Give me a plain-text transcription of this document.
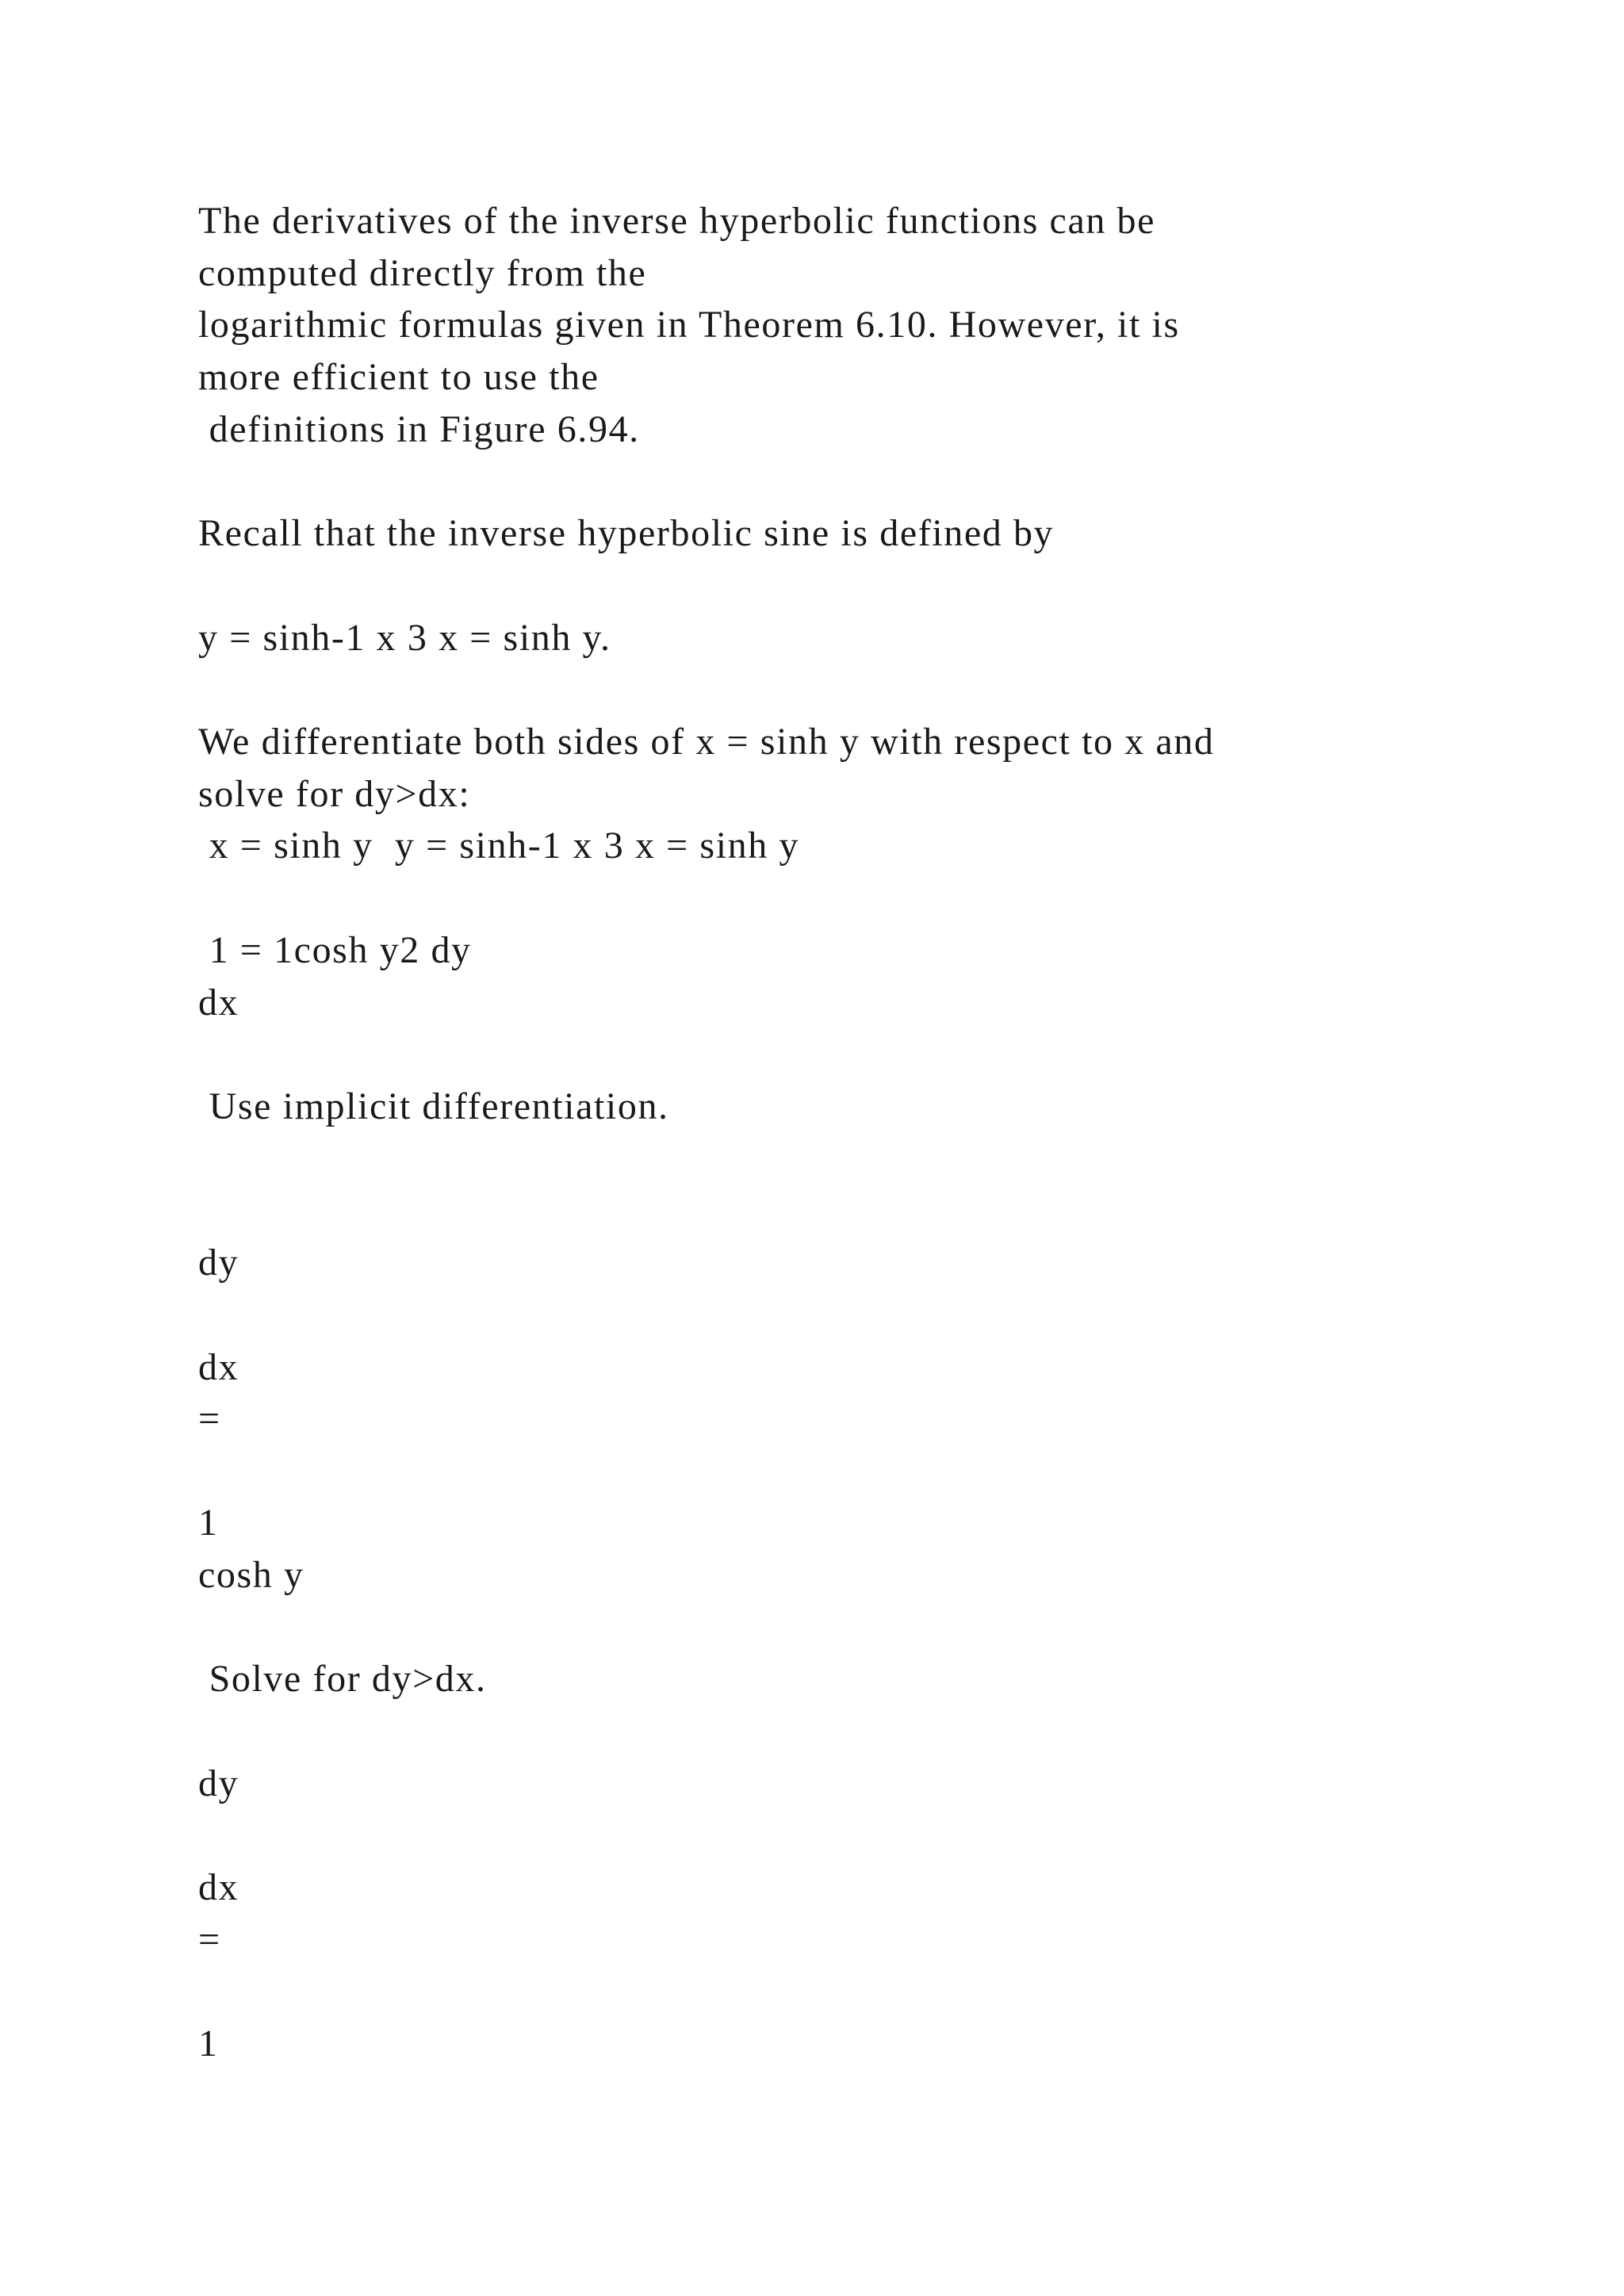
The derivatives of the inverse hyperbolic functions can be

computed directly from the

logarithmic formulas given in Theorem 6.10. However, it is

more efficient to use the

definitions in Figure 6.94.

Recall that the inverse hyperbolic sine is defined by

y = sinh-1 x 3 x = sinh y.

We differentiate both sides of x = sinh y with respect to x and

solve for dy>dx:

x = sinh y  y = sinh-1 x 3 x = sinh y

1 = 1cosh y2 dy

dx

Use implicit differentiation.

dy

dx

=

1

cosh y

Solve for dy>dx.

dy

dx

=

1
